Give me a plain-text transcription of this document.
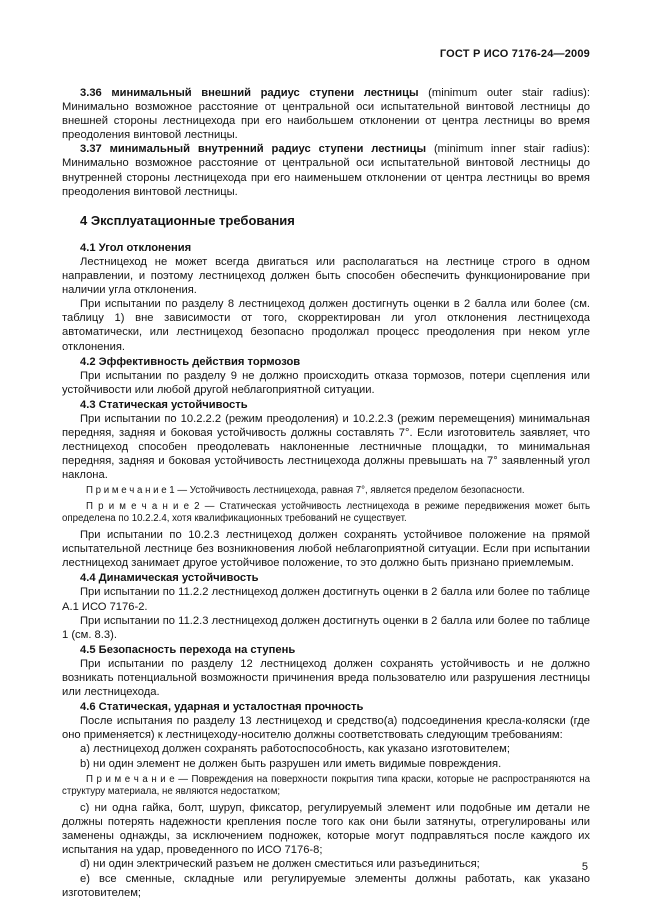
ГОСТ Р ИСО 7176-24—2009

3.36 минимальный внешний радиус ступени лестницы (minimum outer stair radius): Минимально возможное расстояние от центральной оси испытательной винтовой лестницы до внешней стороны лестницехода при его наибольшем отклонении от центра лестницы во время преодоления винтовой лестницы.

3.37 минимальный внутренний радиус ступени лестницы (minimum inner stair radius): Минимально возможное расстояние от центральной оси испытательной винтовой лестницы до внутренней стороны лестницехода при его наименьшем отклонении от центра лестницы во время преодоления винтовой лестницы.

4 Эксплуатационные требования
4.1 Угол отклонения

Лестницеход не может всегда двигаться или располагаться на лестнице строго в одном направлении, и поэтому лестницеход должен быть способен обеспечить функционирование при наличии угла отклонения.

При испытании по разделу 8 лестницеход должен достигнуть оценки в 2 балла или более (см. таблицу 1) вне зависимости от того, скорректирован ли угол отклонения лестницехода автоматически, или лестницеход безопасно продолжал процесс преодоления при неком угле отклонения.

4.2 Эффективность действия тормозов

При испытании по разделу 9 не должно происходить отказа тормозов, потери сцепления или устойчивости или любой другой неблагоприятной ситуации.

4.3 Статическая устойчивость

При испытании по 10.2.2.2 (режим преодоления) и 10.2.2.3 (режим перемещения) минимальная передняя, задняя и боковая устойчивость должны составлять 7°. Если изготовитель заявляет, что лестницеход способен преодолевать наклоненные лестничные площадки, то минимальная передняя, задняя и боковая устойчивость лестницехода должны превышать на 7° заявленный угол наклона.

П р и м е ч а н и е 1 — Устойчивость лестницехода, равная 7°, является пределом безопасности.

П р и м е ч а н и е 2 — Статическая устойчивость лестницехода в режиме передвижения может быть определена по 10.2.2.4, хотя квалификационных требований не существует.

При испытании по 10.2.3 лестницеход должен сохранять устойчивое положение на прямой испытательной лестнице без возникновения любой неблагоприятной ситуации. Если при испытании лестницеход занимает другое устойчивое положение, то это должно быть признано приемлемым.

4.4 Динамическая устойчивость

При испытании по 11.2.2 лестницеход должен достигнуть оценки в 2 балла или более по таблице А.1 ИСО 7176-2.

При испытании по 11.2.3 лестницеход должен достигнуть оценки в 2 балла или более по таблице 1 (см. 8.3).

4.5 Безопасность перехода на ступень

При испытании по разделу 12 лестницеход должен сохранять устойчивость и не должно возникать потенциальной возможности причинения вреда пользователю или разрушения лестницы или лестницехода.

4.6 Статическая, ударная и усталостная прочность

После испытания по разделу 13 лестницеход и средство(а) подсоединения кресла-коляски (где оно применяется) к лестницеходу-носителю должны соответствовать следующим требованиям:

a) лестницеход должен сохранять работоспособность, как указано изготовителем;

b) ни один элемент не должен быть разрушен или иметь видимые повреждения.

П р и м е ч а н и е — Повреждения на поверхности покрытия типа краски, которые не распространяются на структуру материала, не являются недостатком;

c) ни одна гайка, болт, шуруп, фиксатор, регулируемый элемент или подобные им детали не должны потерять надежности крепления после того как они были затянуты, отрегулированы или заменены однажды, за исключением подножек, которые могут подправляться после каждого их испытания на удар, проведенного по ИСО 7176-8;

d) ни один электрический разъем не должен сместиться или разъединиться;

e) все сменные, складные или регулируемые элементы должны работать, как указано изготовителем;

5
